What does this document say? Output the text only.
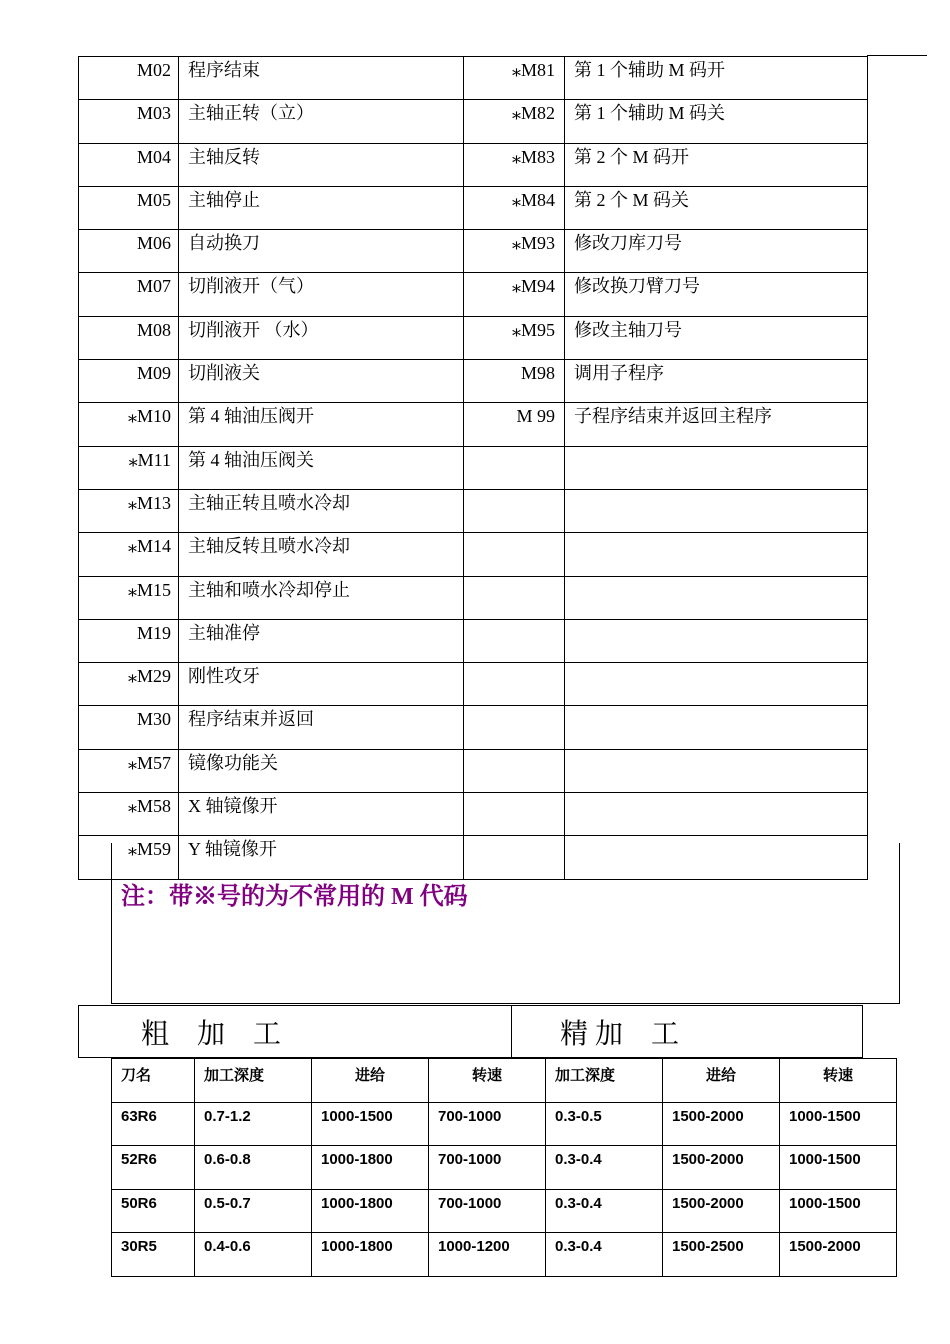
M02	程序结束	⁎M81	第 1 个辅助 M 码开
M03	主轴正转（立）	⁎M82	第 1 个辅助 M 码关
M04	主轴反转	⁎M83	第 2 个 M 码开
M05	主轴停止	⁎M84	第 2 个 M 码关
M06	自动换刀	⁎M93	修改刀库刀号
M07	切削液开（气）	⁎M94	修改换刀臂刀号
M08	切削液开 （水）	⁎M95	修改主轴刀号
M09	切削液关	M98	调用子程序
⁎M10	第 4 轴油压阀开	M 99	子程序结束并返回主程序
⁎M11	第 4 轴油压阀关		
⁎M13	主轴正转且喷水冷却		
⁎M14	主轴反转且喷水冷却		
⁎M15	主轴和喷水冷却停止		
M19	主轴准停		
⁎M29	刚性攻牙		
M30	程序结束并返回		
⁎M57	镜像功能关		
⁎M58	X 轴镜像开		
⁎M59	Y 轴镜像开		
注：带※号的为不常用的 M 代码
粗　加　工	精 加　工
刀名	加工深度	进给	转速	加工深度	进给	转速
63R6	0.7-1.2	1000-1500	700-1000	0.3-0.5	1500-2000	1000-1500
52R6	0.6-0.8	1000-1800	700-1000	0.3-0.4	1500-2000	1000-1500
50R6	0.5-0.7	1000-1800	700-1000	0.3-0.4	1500-2000	1000-1500
30R5	0.4-0.6	1000-1800	1000-1200	0.3-0.4	1500-2500	1500-2000
